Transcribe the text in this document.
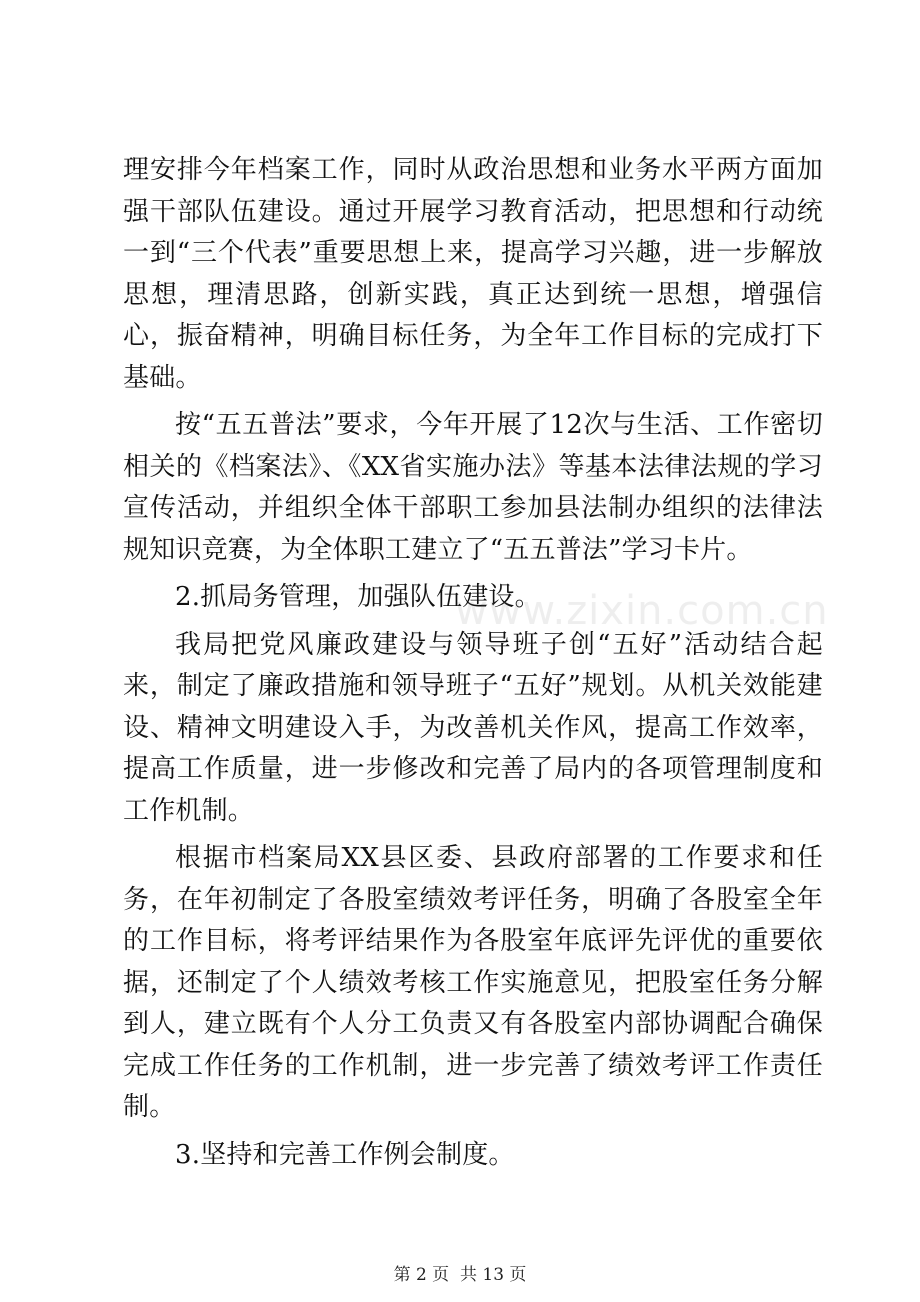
理安排今年档案工作，同时从政治思想和业务水平两方面加强干部队伍建设。通过开展学习教育活动，把思想和行动统一到“三个代表”重要思想上来，提高学习兴趣，进一步解放思想，理清思路，创新实践，真正达到统一思想，增强信心，振奋精神，明确目标任务，为全年工作目标的完成打下基础。

按“五五普法”要求，今年开展了12次与生活、工作密切相关的《档案法》、《XX省实施办法》等基本法律法规的学习宣传活动，并组织全体干部职工参加县法制办组织的法律法规知识竞赛，为全体职工建立了“五五普法”学习卡片。

2.抓局务管理，加强队伍建设。

我局把党风廉政建设与领导班子创“五好”活动结合起来，制定了廉政措施和领导班子“五好”规划。从机关效能建设、精神文明建设入手，为改善机关作风，提高工作效率，提高工作质量，进一步修改和完善了局内的各项管理制度和工作机制。

根据市档案局XX县区委、县政府部署的工作要求和任务，在年初制定了各股室绩效考评任务，明确了各股室全年的工作目标，将考评结果作为各股室年底评先评优的重要依据，还制定了个人绩效考核工作实施意见，把股室任务分解到人，建立既有个人分工负责又有各股室内部协调配合确保完成工作任务的工作机制，进一步完善了绩效考评工作责任制。

3.坚持和完善工作例会制度。

www.zixin.com.cn
第 2 页  共 13 页
